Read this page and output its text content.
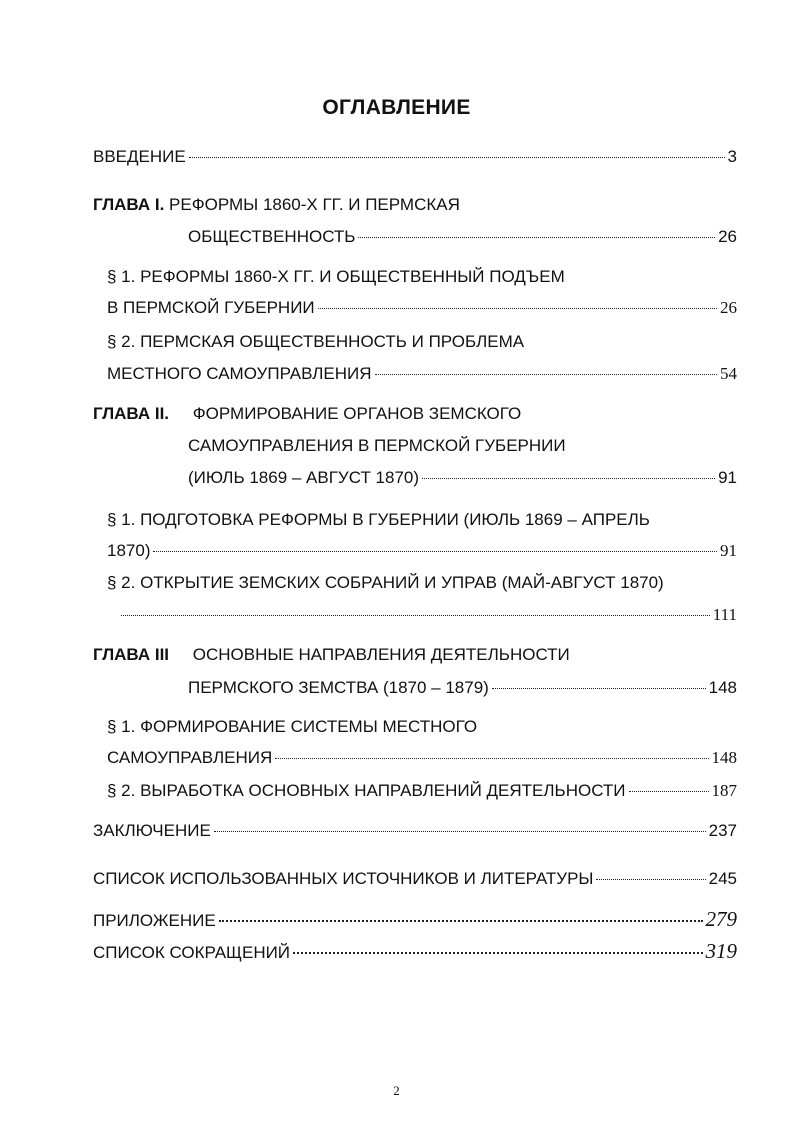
ОГЛАВЛЕНИЕ
ВВЕДЕНИЕ	3
ГЛАВА I. РЕФОРМЫ 1860-Х ГГ. И ПЕРМСКАЯ
ОБЩЕСТВЕННОСТЬ	26
§ 1. РЕФОРМЫ 1860-Х ГГ. И ОБЩЕСТВЕННЫЙ ПОДЪЕМ
В ПЕРМСКОЙ ГУБЕРНИИ	26
§ 2. ПЕРМСКАЯ ОБЩЕСТВЕННОСТЬ И ПРОБЛЕМА
МЕСТНОГО САМОУПРАВЛЕНИЯ	54
ГЛАВА II. ФОРМИРОВАНИЕ ОРГАНОВ ЗЕМСКОГО
САМОУПРАВЛЕНИЯ В ПЕРМСКОЙ ГУБЕРНИИ
(ИЮЛЬ 1869 – АВГУСТ 1870)	91
§ 1. ПОДГОТОВКА РЕФОРМЫ В ГУБЕРНИИ (ИЮЛЬ 1869 – АПРЕЛЬ
1870)	91
§ 2. ОТКРЫТИЕ ЗЕМСКИХ СОБРАНИЙ И УПРАВ (МАЙ-АВГУСТ 1870)
111
ГЛАВА III ОСНОВНЫЕ НАПРАВЛЕНИЯ ДЕЯТЕЛЬНОСТИ
ПЕРМСКОГО ЗЕМСТВА (1870 – 1879)	148
§ 1. ФОРМИРОВАНИЕ СИСТЕМЫ МЕСТНОГО
САМОУПРАВЛЕНИЯ	148
§ 2. ВЫРАБОТКА ОСНОВНЫХ НАПРАВЛЕНИЙ ДЕЯТЕЛЬНОСТИ	187
ЗАКЛЮЧЕНИЕ	237
СПИСОК ИСПОЛЬЗОВАННЫХ ИСТОЧНИКОВ И ЛИТЕРАТУРЫ	245
ПРИЛОЖЕНИЕ	279
СПИСОК СОКРАЩЕНИЙ	319
2
